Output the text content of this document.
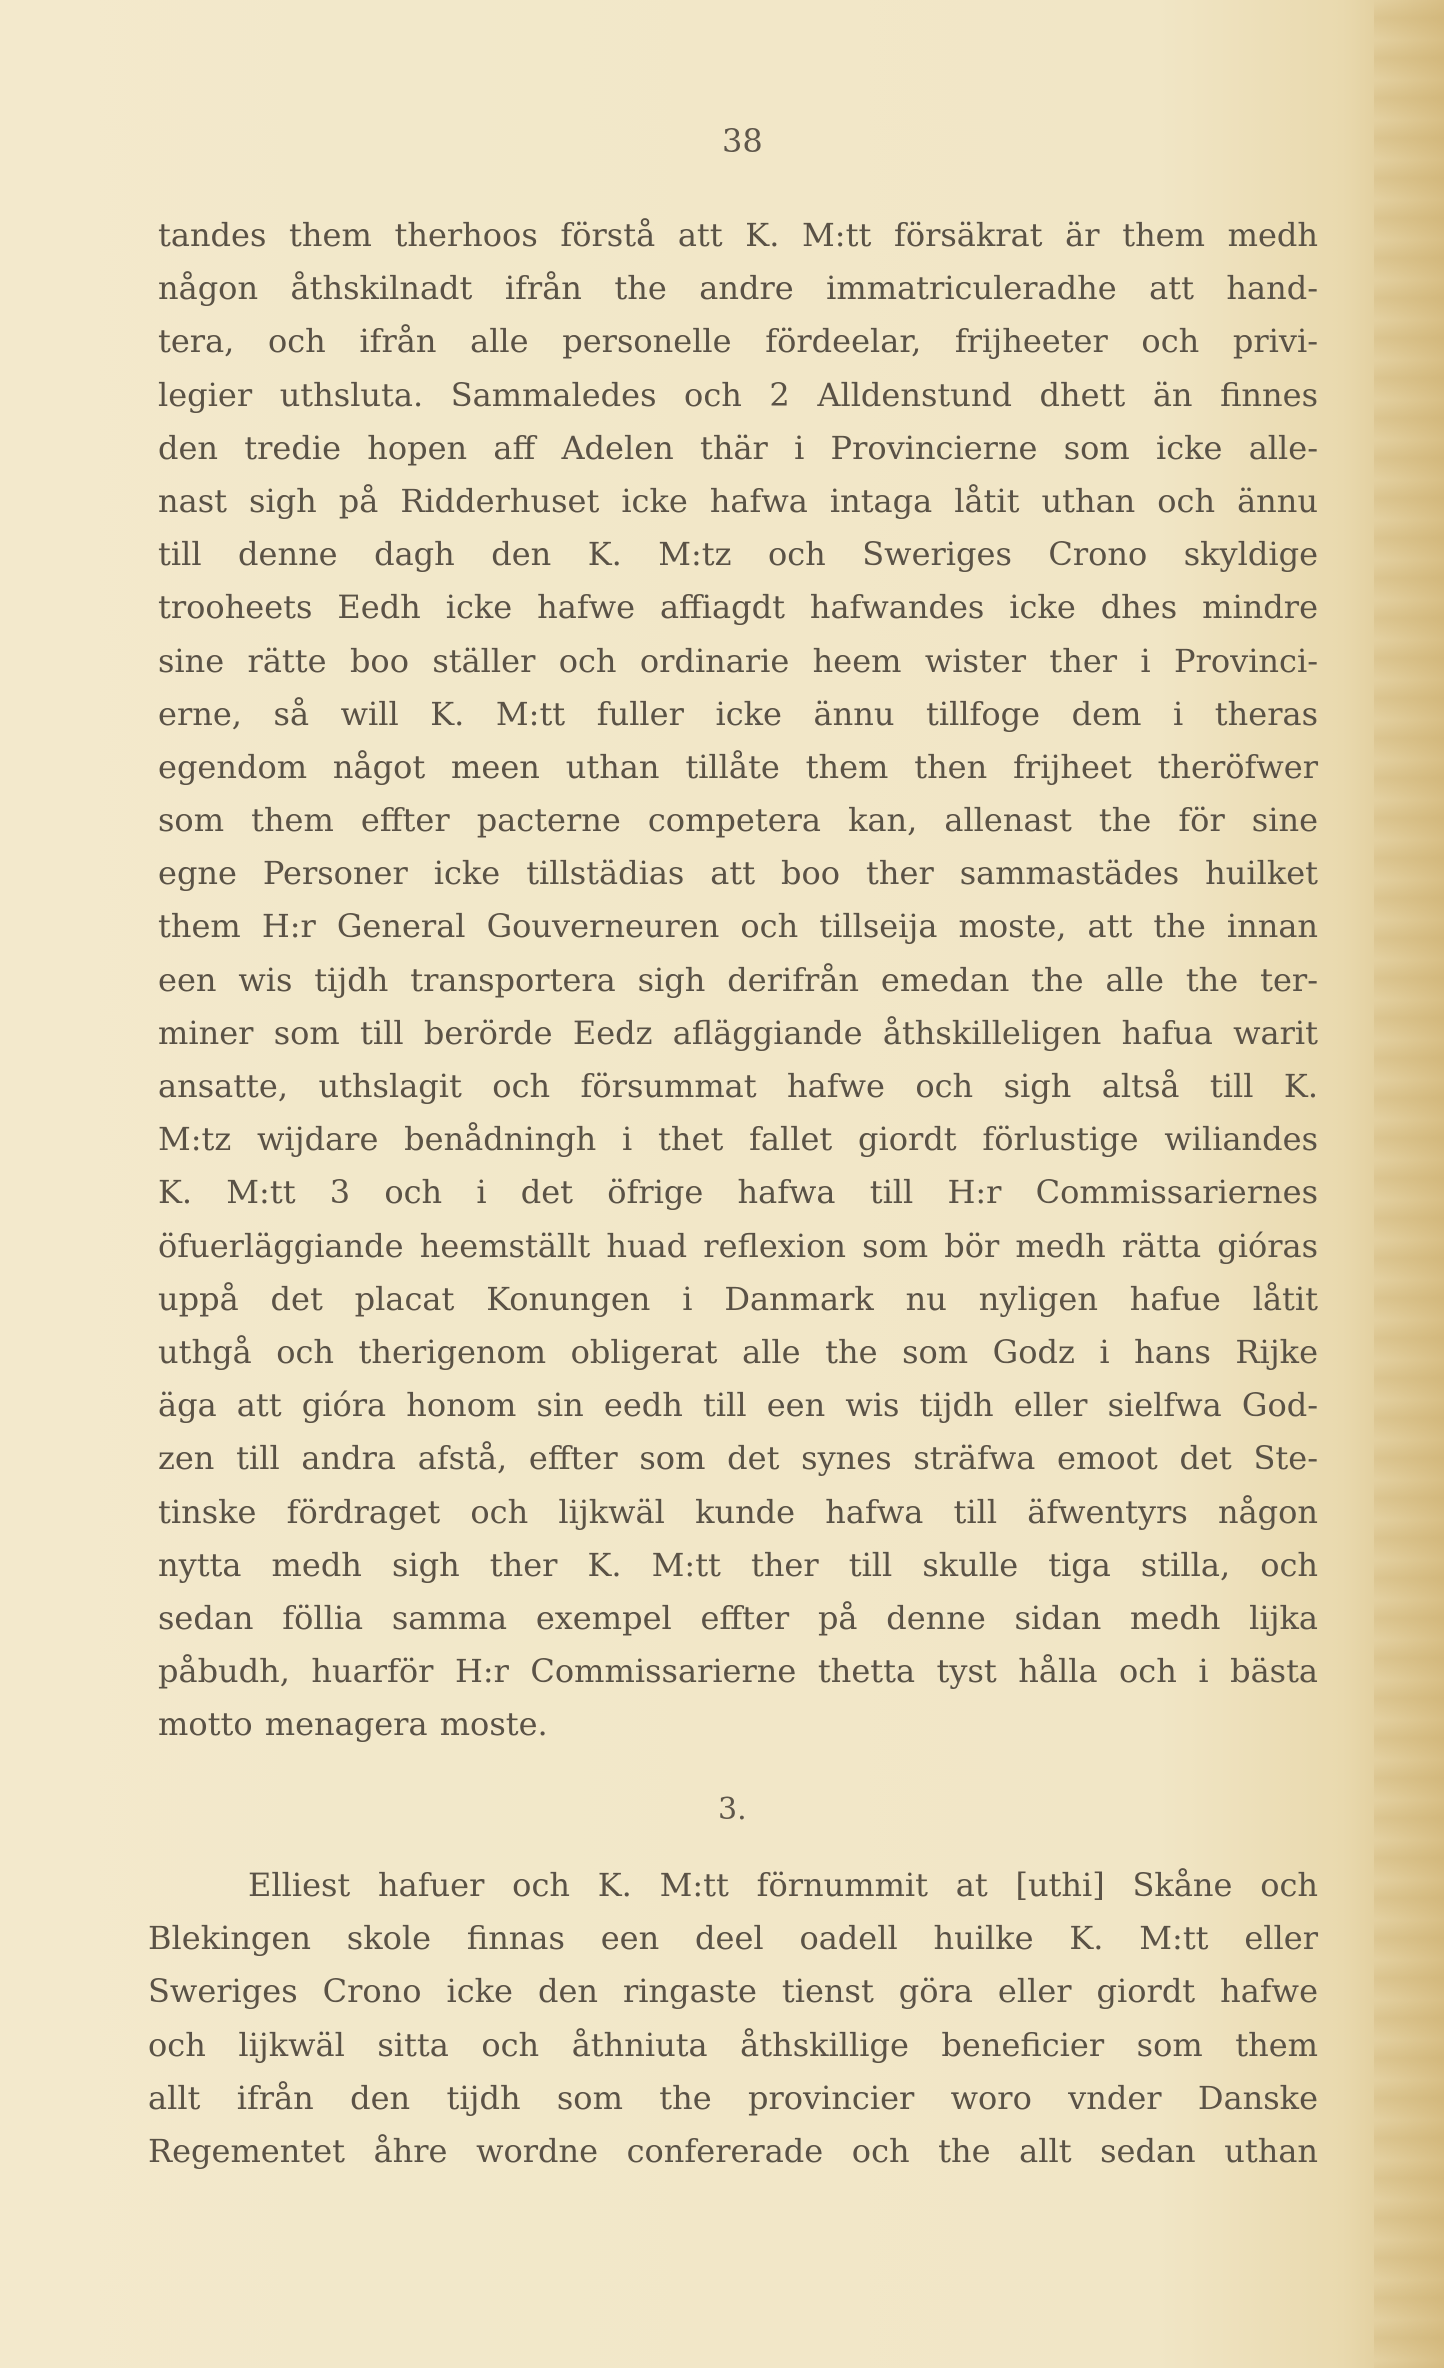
38
tandes them therhoos förstå att K. M:tt försäkrat är them medh
någon åthskilnadt ifrån the andre immatriculeradhe att hand-
tera, och ifrån alle personelle fördeelar, frijheeter och privi-
legier uthsluta. Sammaledes och 2 Alldenstund dhett än finnes
den tredie hopen aff Adelen thär i Provincierne som icke alle-
nast sigh på Ridderhuset icke hafwa intaga låtit uthan och ännu
till denne dagh den K. M:tz och Sweriges Crono skyldige
trooheets Eedh icke hafwe affiagdt hafwandes icke dhes mindre
sine rätte boo ställer och ordinarie heem wister ther i Provinci-
erne, så will K. M:tt fuller icke ännu tillfoge dem i theras
egendom något meen uthan tillåte them then frijheet theröfwer
som them effter pacterne competera kan, allenast the för sine
egne Personer icke tillstädias att boo ther sammastädes huilket
them H:r General Gouverneuren och tillseija moste, att the innan
een wis tijdh transportera sigh derifrån emedan the alle the ter-
miner som till berörde Eedz afläggiande åthskilleligen hafua warit
ansatte, uthslagit och försummat hafwe och sigh altså till K.
M:tz wijdare benådningh i thet fallet giordt förlustige wiliandes
K. M:tt 3 och i det öfrige hafwa till H:r Commissariernes
öfuerläggiande heemställt huad reflexion som bör medh rätta gióras
uppå det placat Konungen i Danmark nu nyligen hafue låtit
uthgå och therigenom obligerat alle the som Godz i hans Rijke
äga att gióra honom sin eedh till een wis tijdh eller sielfwa God-
zen till andra afstå, effter som det synes sträfwa emoot det Ste-
tinske fördraget och lijkwäl kunde hafwa till äfwentyrs någon
nytta medh sigh ther K. M:tt ther till skulle tiga stilla, och
sedan föllia samma exempel effter på denne sidan medh lijka
påbudh, huarför H:r Commissarierne thetta tyst hålla och i bästa
motto menagera moste.
3.
Elliest hafuer och K. M:tt förnummit at [uthi] Skåne och
Blekingen skole finnas een deel oadell huilke K. M:tt eller
Sweriges Crono icke den ringaste tienst göra eller giordt hafwe
och lijkwäl sitta och åthniuta åthskillige beneficier som them
allt ifrån den tijdh som the provincier woro vnder Danske
Regementet åhre wordne confererade och the allt sedan uthan
